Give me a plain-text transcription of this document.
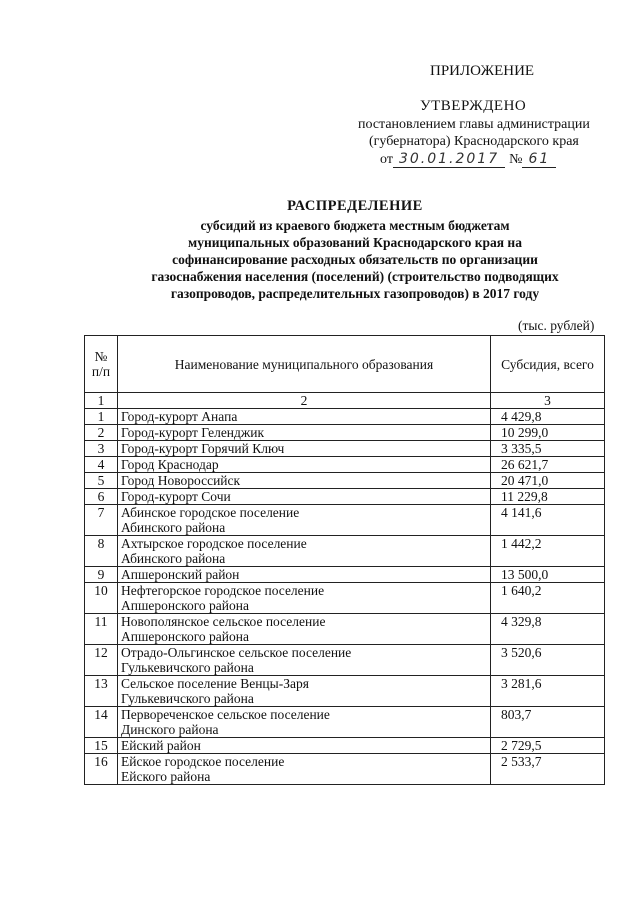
ПРИЛОЖЕНИЕ
УТВЕРЖДЕНО
постановлением главы администрации
(губернатора) Краснодарского края
от 30.01.2017 № 61
РАСПРЕДЕЛЕНИЕ
субсидий из краевого бюджета местным бюджетам
муниципальных образований Краснодарского края на
софинансирование расходных обязательств по организации
газоснабжения населения (поселений) (строительство подводящих
газопроводов, распределительных газопроводов) в 2017 году
(тыс. рублей)
№ п/п	Наименование муниципального образования	Субсидия, всего
1	2	3
1	Город-курорт Анапа	4 429,8
2	Город-курорт Геленджик	10 299,0
3	Город-курорт Горячий Ключ	3 335,5
4	Город Краснодар	26 621,7
5	Город Новороссийск	20 471,0
6	Город-курорт Сочи	11 229,8
7	Абинское городское поселение
Абинского района	4 141,6
8	Ахтырское городское поселение
Абинского района	1 442,2
9	Апшеронский район	13 500,0
10	Нефтегорское городское поселение
Апшеронского района	1 640,2
11	Новополянское сельское поселение
Апшеронского района	4 329,8
12	Отрадо-Ольгинское сельское поселение
Гулькевичского района	3 520,6
13	Сельское поселение Венцы-Заря
Гулькевичского района	3 281,6
14	Первореченское сельское поселение
Динского района	803,7
15	Ейский район	2 729,5
16	Ейское городское поселение
Ейского района	2 533,7
